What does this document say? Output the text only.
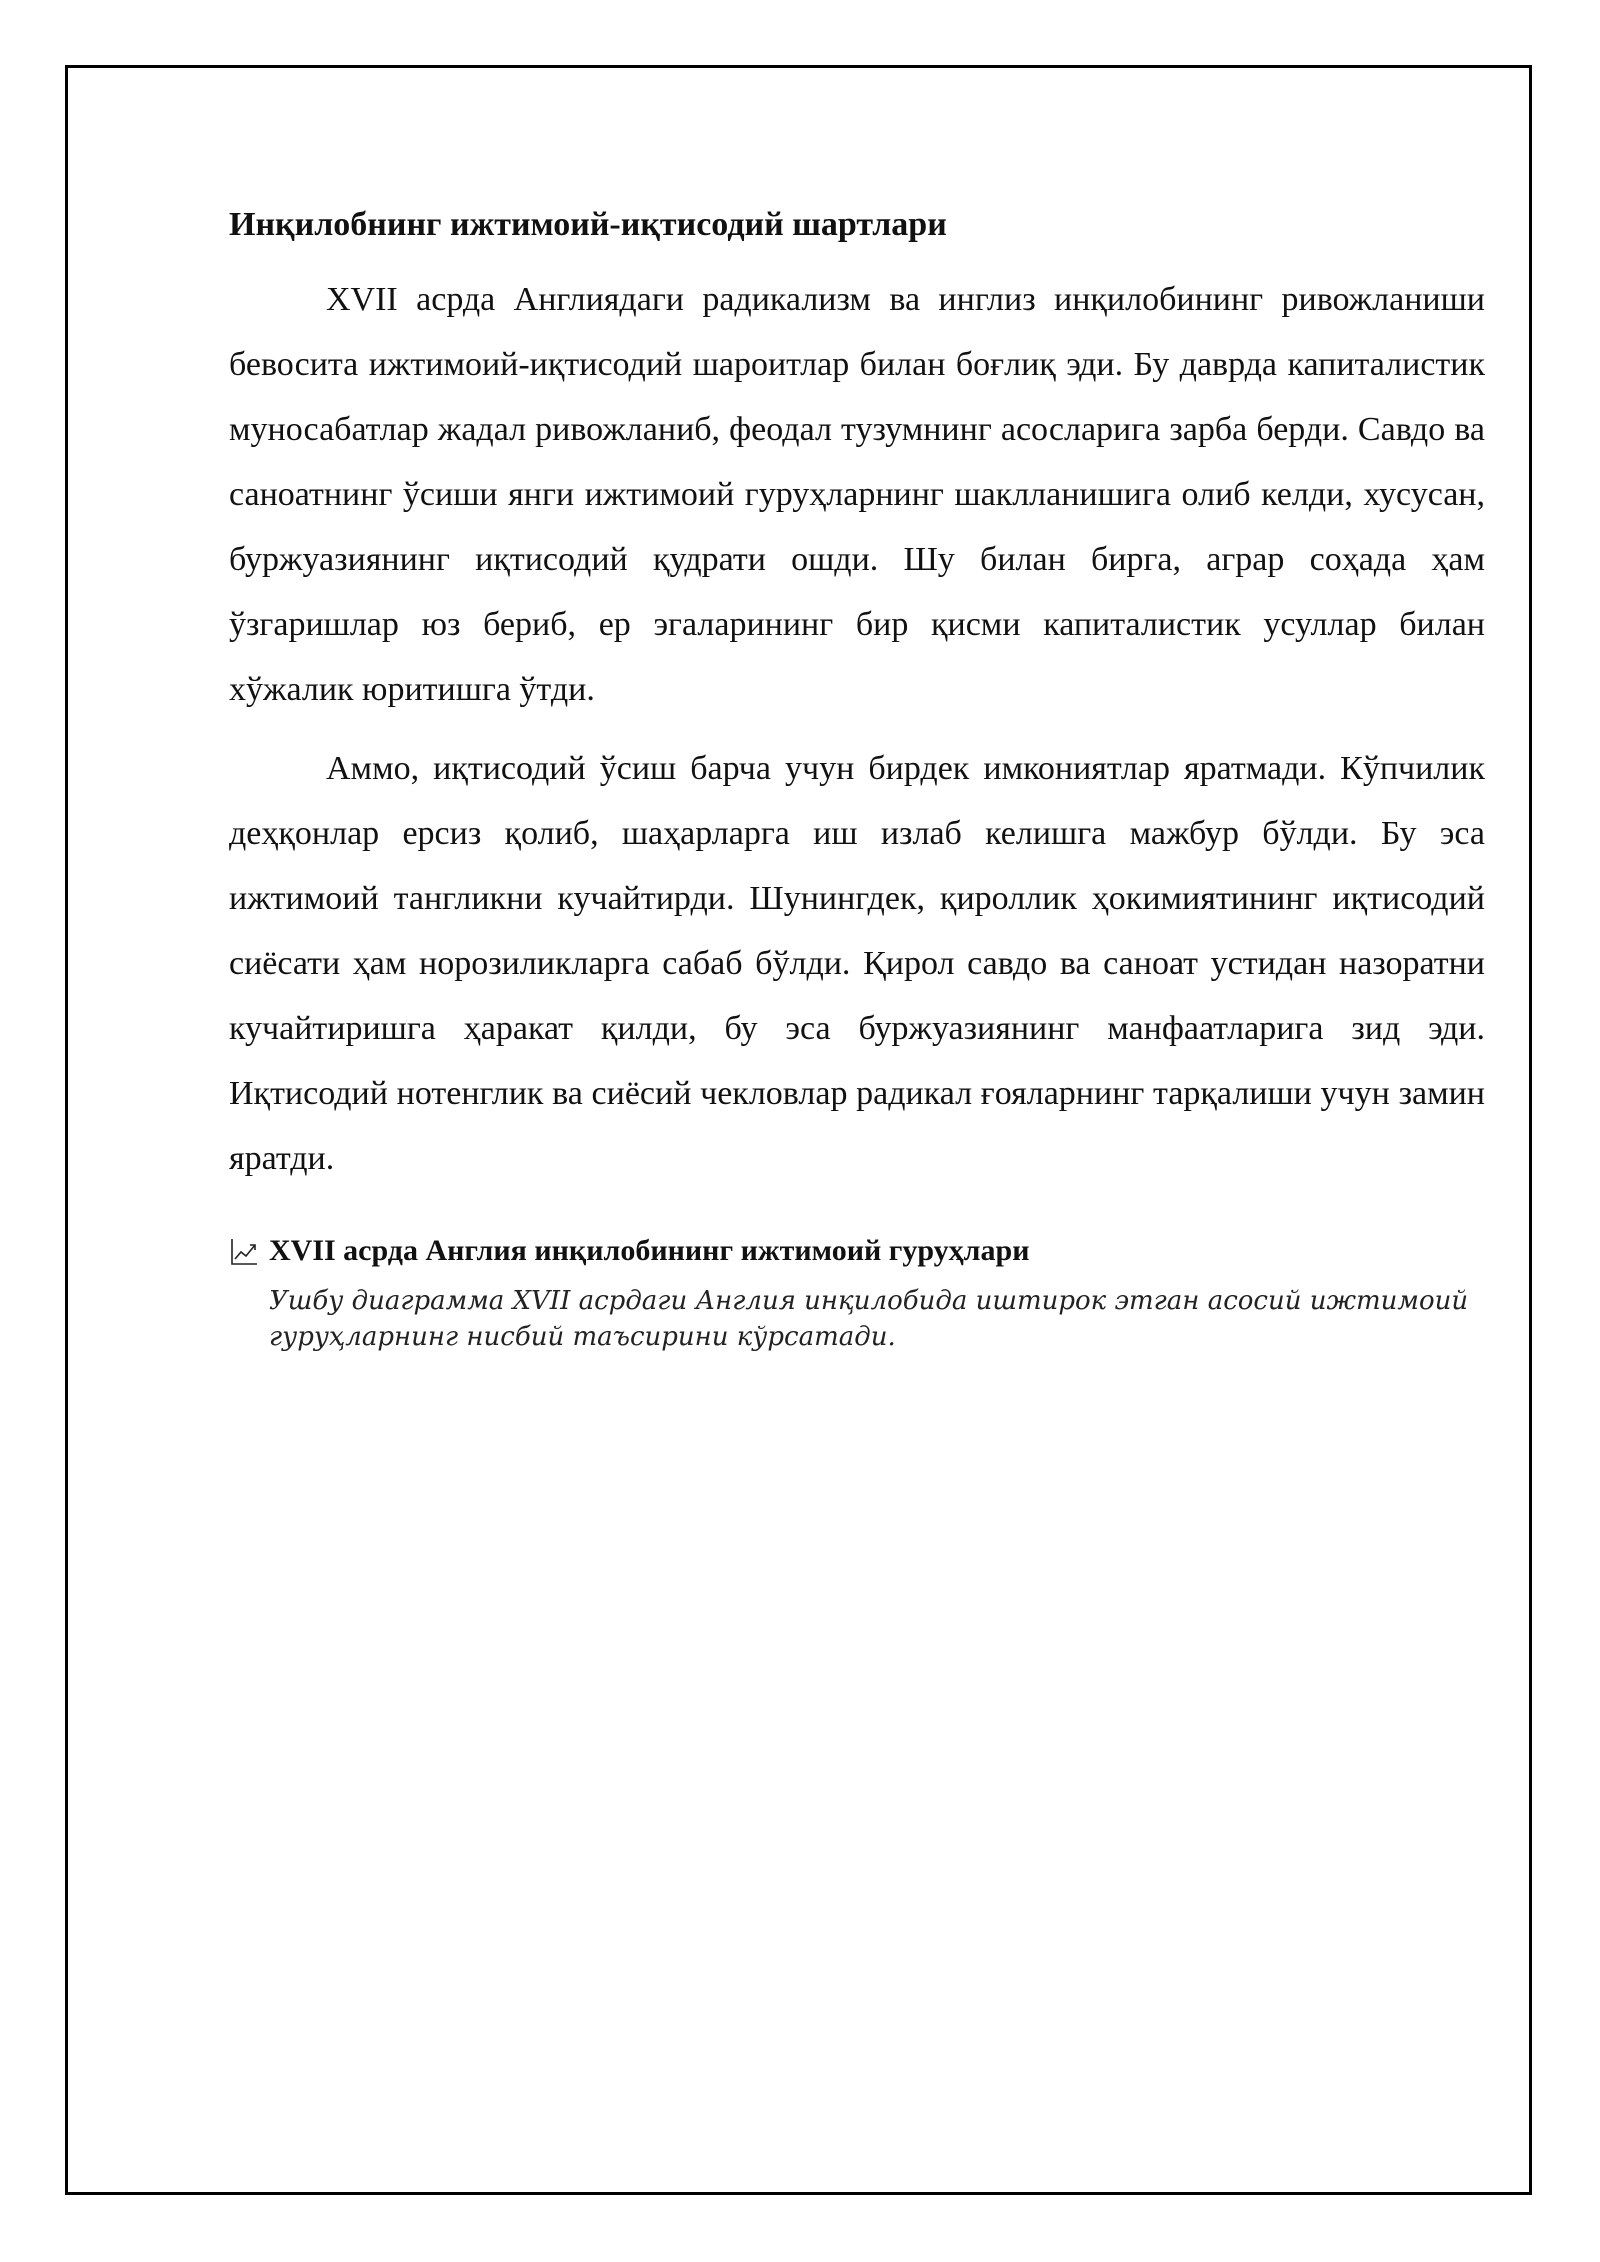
Инқилобнинг ижтимоий-иқтисодий шартлари

XVII асрда Англиядаги радикализм ва инглиз инқилобининг ривожланиши бевосита ижтимоий-иқтисодий шароитлар билан боғлиқ эди. Бу даврда капиталистик муносабатлар жадал ривожланиб, феодал тузумнинг асосларига зарба берди. Савдо ва саноатнинг ўсиши янги ижтимоий гуруҳларнинг шаклланишига олиб келди, хусусан, буржуазиянинг иқтисодий қудрати ошди. Шу билан бирга, аграр соҳада ҳам ўзгаришлар юз бериб, ер эгаларининг бир қисми капиталистик усуллар билан хўжалик юритишга ўтди.

Аммо, иқтисодий ўсиш барча учун бирдек имкониятлар яратмади. Кўпчилик деҳқонлар ерсиз қолиб, шаҳарларга иш излаб келишга мажбур бўлди. Бу эса ижтимоий тангликни кучайтирди. Шунингдек, қироллик ҳокимиятининг иқтисодий сиёсати ҳам норозиликларга сабаб бўлди. Қирол савдо ва саноат устидан назоратни кучайтиришга ҳаракат қилди, бу эса буржуазиянинг манфаатларига зид эди. Иқтисодий нотенглик ва сиёсий чекловлар радикал ғояларнинг тарқалиши учун замин яратди.

XVII асрда Англия инқилобининг ижтимоий гуруҳлари
Ушбу диаграмма XVII асрдаги Англия инқилобида иштирок этган асосий ижтимоий гуруҳларнинг нисбий таъсирини кўрсатади.
